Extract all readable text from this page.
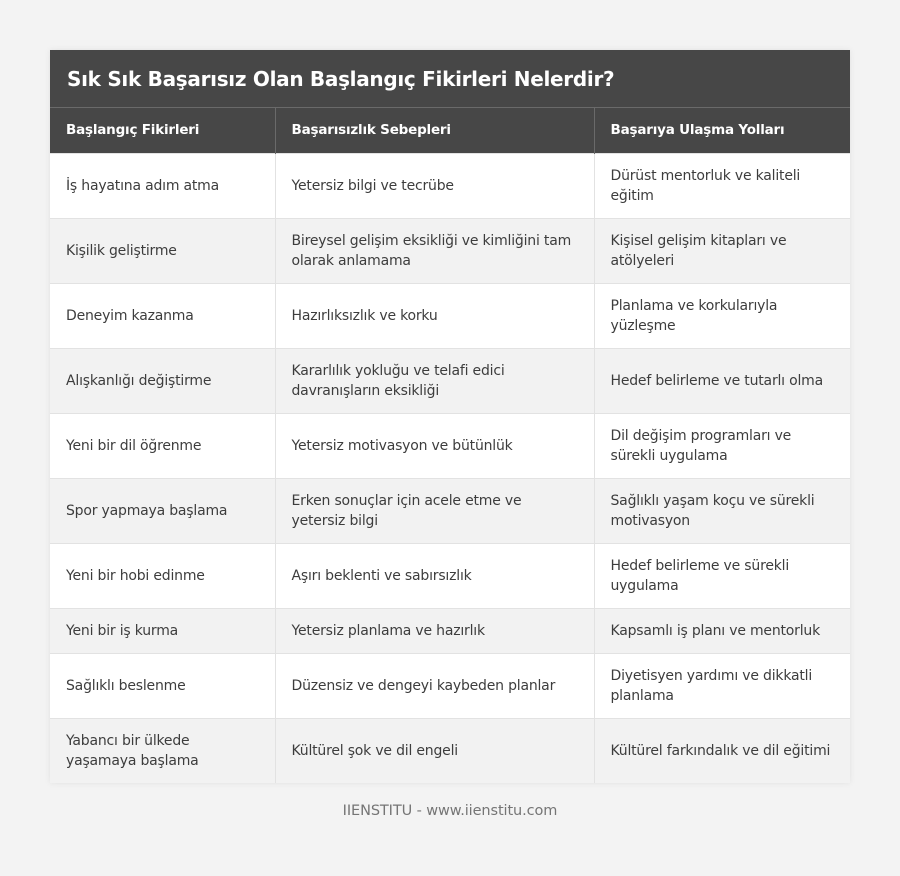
Sık Sık Başarısız Olan Başlangıç Fikirleri Nelerdir?
Başlangıç Fikirleri	Başarısızlık Sebepleri	Başarıya Ulaşma Yolları
İş hayatına adım atma	Yetersiz bilgi ve tecrübe	Dürüst mentorluk ve kaliteli eğitim
Kişilik geliştirme	Bireysel gelişim eksikliği ve kimliğini tam olarak anlamama	Kişisel gelişim kitapları ve atölyeleri
Deneyim kazanma	Hazırlıksızlık ve korku	Planlama ve korkularıyla yüzleşme
Alışkanlığı değiştirme	Kararlılık yokluğu ve telafi edici davranışların eksikliği	Hedef belirleme ve tutarlı olma
Yeni bir dil öğrenme	Yetersiz motivasyon ve bütünlük	Dil değişim programları ve sürekli uygulama
Spor yapmaya başlama	Erken sonuçlar için acele etme ve yetersiz bilgi	Sağlıklı yaşam koçu ve sürekli motivasyon
Yeni bir hobi edinme	Aşırı beklenti ve sabırsızlık	Hedef belirleme ve sürekli uygulama
Yeni bir iş kurma	Yetersiz planlama ve hazırlık	Kapsamlı iş planı ve mentorluk
Sağlıklı beslenme	Düzensiz ve dengeyi kaybeden planlar	Diyetisyen yardımı ve dikkatli planlama
Yabancı bir ülkede yaşamaya başlama	Kültürel şok ve dil engeli	Kültürel farkındalık ve dil eğitimi
IIENSTITU - www.iienstitu.com
